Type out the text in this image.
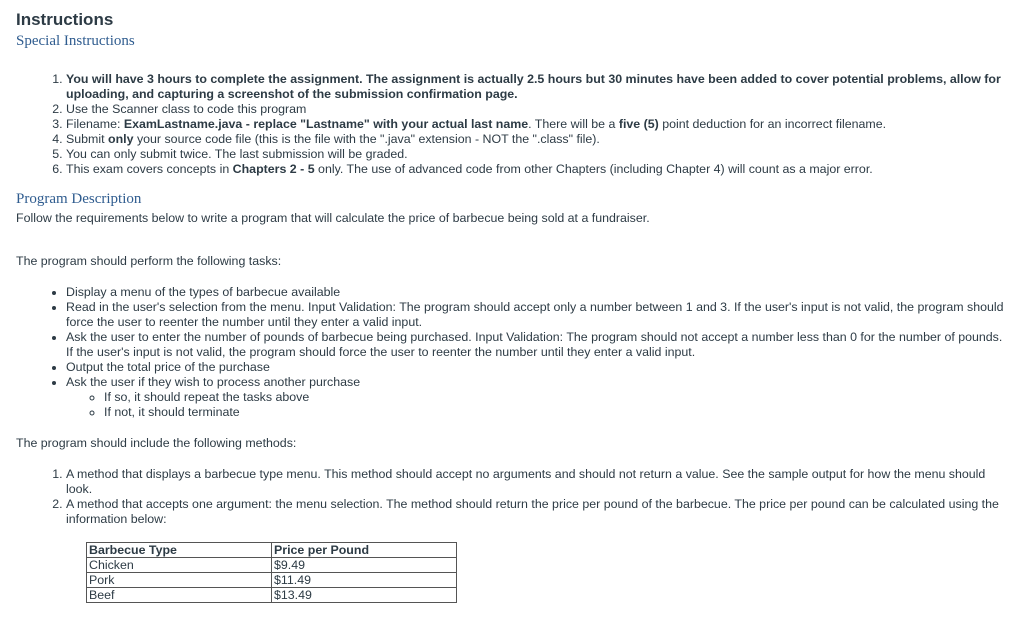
Instructions
Special Instructions
1. You will have 3 hours to complete the assignment. The assignment is actually 2.5 hours but 30 minutes have been added to cover potential problems, allow for uploading, and capturing a screenshot of the submission confirmation page.
2. Use the Scanner class to code this program
3. Filename: ExamLastname.java - replace "Lastname" with your actual last name. There will be a five (5) point deduction for an incorrect filename.
4. Submit only your source code file (this is the file with the ".java" extension - NOT the ".class" file).
5. You can only submit twice. The last submission will be graded.
6. This exam covers concepts in Chapters 2 - 5 only. The use of advanced code from other Chapters (including Chapter 4) will count as a major error.
Program Description

Follow the requirements below to write a program that will calculate the price of barbecue being sold at a fundraiser.

The program should perform the following tasks:

• Display a menu of the types of barbecue available
• Read in the user's selection from the menu. Input Validation: The program should accept only a number between 1 and 3. If the user's input is not valid, the program should force the user to reenter the number until they enter a valid input.
• Ask the user to enter the number of pounds of barbecue being purchased. Input Validation: The program should not accept a number less than 0 for the number of pounds. If the user's input is not valid, the program should force the user to reenter the number until they enter a valid input.
• Output the total price of the purchase
• Ask the user if they wish to process another purchase
◦ If so, it should repeat the tasks above
◦ If not, it should terminate

The program should include the following methods:

1. A method that displays a barbecue type menu. This method should accept no arguments and should not return a value. See the sample output for how the menu should look.
2. A method that accepts one argument: the menu selection. The method should return the price per pound of the barbecue. The price per pound can be calculated using the information below:
Barbecue Type	Price per Pound
Chicken	$9.49
Pork	$11.49
Beef	$13.49
